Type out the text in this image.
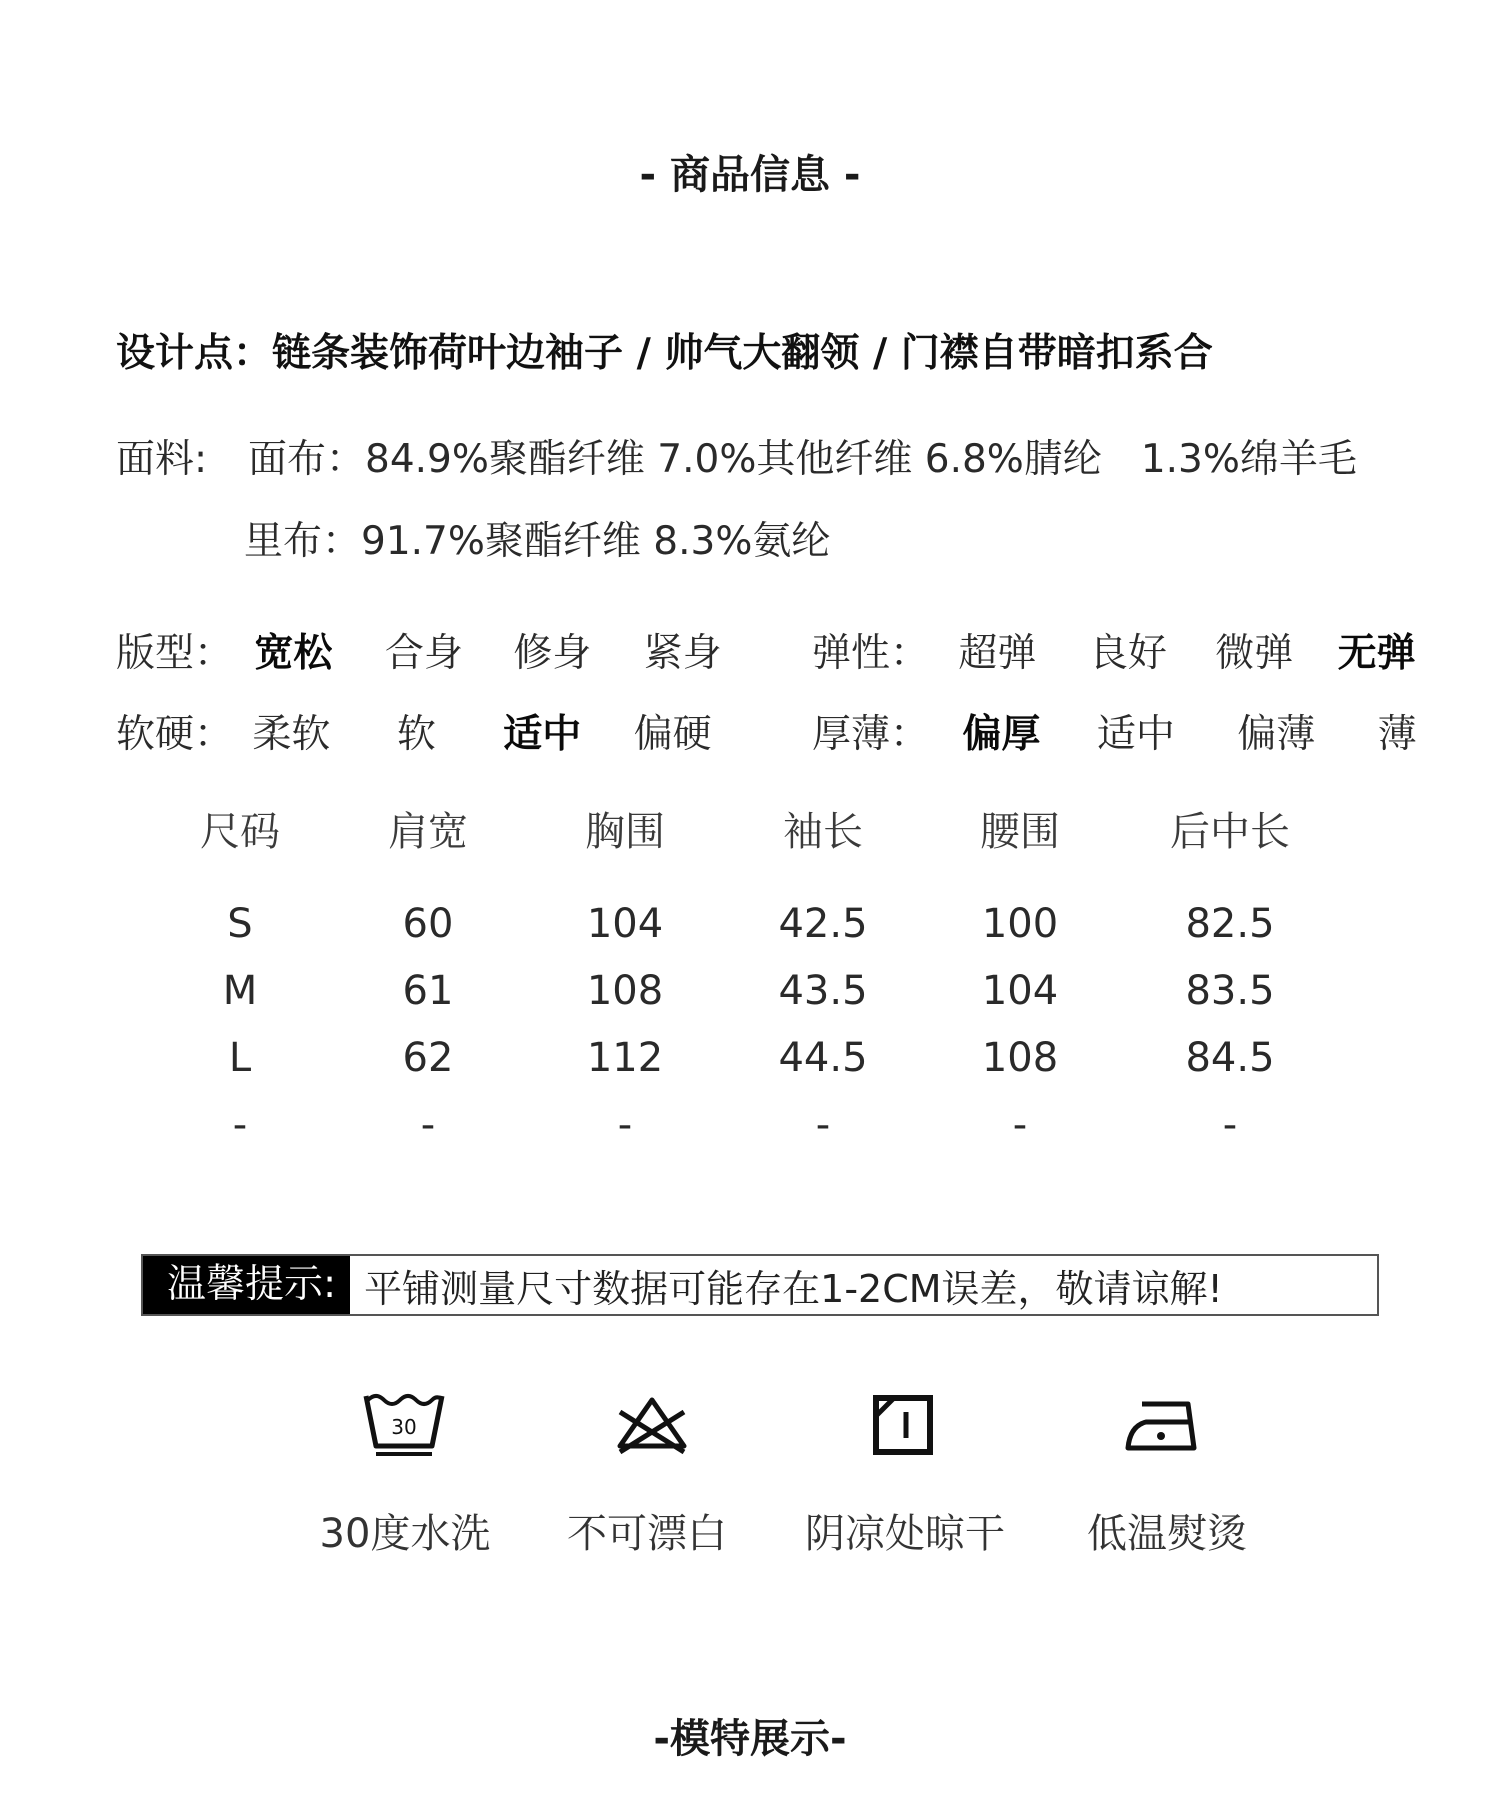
- 商品信息 -
设计点：链条装饰荷叶边袖子 / 帅气大翻领 / 门襟自带暗扣系合
面料: 面布：84.9%聚酯纤维 7.0%其他纤维 6.8%腈纶　1.3%绵羊毛
里布：91.7%聚酯纤维 8.3%氨纶
版型： 宽松 合身 修身 紧身
软硬： 柔软 软 适中 偏硬
弹性： 超弹 良好 微弹 无弹
厚薄： 偏厚 适中 偏薄 薄
尺码	肩宽	胸围	袖长	腰围	后中长
S	60	104	42.5	100	82.5
M	61	108	43.5	104	83.5
L	62	112	44.5	108	84.5
-	-	-	-	-	-
温馨提示: 平铺测量尺寸数据可能存在1-2CM误差，敬请谅解!
30
30度水洗	不可漂白	阴凉处晾干	低温熨烫
-模特展示-
